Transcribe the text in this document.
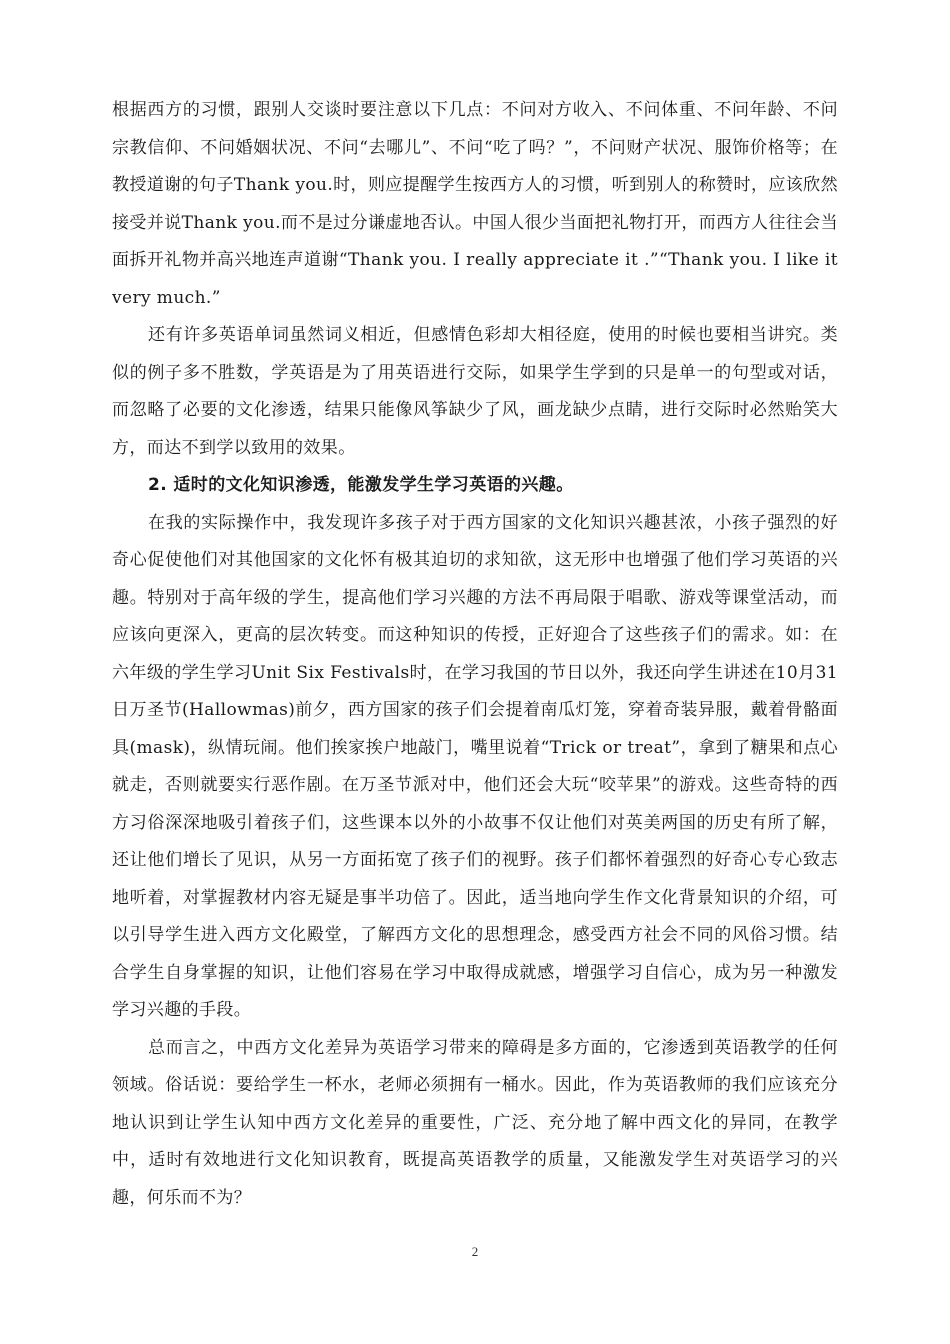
根据西方的习惯，跟别人交谈时要注意以下几点：不问对方收入、不问体重、不问年龄、不问宗教信仰、不问婚姻状况、不问“去哪儿”、不问“吃了吗？”，不问财产状况、服饰价格等；在教授道谢的句子Thank you.时，则应提醒学生按西方人的习惯，听到别人的称赞时，应该欣然接受并说Thank you.而不是过分谦虚地否认。中国人很少当面把礼物打开，而西方人往往会当面拆开礼物并高兴地连声道谢“Thank you. I really appreciate it .”“Thank you. I like it very much.”

还有许多英语单词虽然词义相近，但感情色彩却大相径庭，使用的时候也要相当讲究。类似的例子多不胜数，学英语是为了用英语进行交际，如果学生学到的只是单一的句型或对话，而忽略了必要的文化渗透，结果只能像风筝缺少了风，画龙缺少点睛，进行交际时必然贻笑大方，而达不到学以致用的效果。

2. 适时的文化知识渗透，能激发学生学习英语的兴趣。

在我的实际操作中，我发现许多孩子对于西方国家的文化知识兴趣甚浓，小孩子强烈的好奇心促使他们对其他国家的文化怀有极其迫切的求知欲，这无形中也增强了他们学习英语的兴趣。特别对于高年级的学生，提高他们学习兴趣的方法不再局限于唱歌、游戏等课堂活动，而应该向更深入，更高的层次转变。而这种知识的传授，正好迎合了这些孩子们的需求。如：在六年级的学生学习Unit Six Festivals时，在学习我国的节日以外，我还向学生讲述在10月31日万圣节(Hallowmas)前夕，西方国家的孩子们会提着南瓜灯笼，穿着奇装异服，戴着骨骼面具(mask)，纵情玩闹。他们挨家挨户地敲门，嘴里说着“Trick or treat”，拿到了糖果和点心就走，否则就要实行恶作剧。在万圣节派对中，他们还会大玩“咬苹果”的游戏。这些奇特的西方习俗深深地吸引着孩子们，这些课本以外的小故事不仅让他们对英美两国的历史有所了解，还让他们增长了见识，从另一方面拓宽了孩子们的视野。孩子们都怀着强烈的好奇心专心致志地听着，对掌握教材内容无疑是事半功倍了。因此，适当地向学生作文化背景知识的介绍，可以引导学生进入西方文化殿堂，了解西方文化的思想理念，感受西方社会不同的风俗习惯。结合学生自身掌握的知识，让他们容易在学习中取得成就感，增强学习自信心，成为另一种激发学习兴趣的手段。

总而言之，中西方文化差异为英语学习带来的障碍是多方面的，它渗透到英语教学的任何领域。俗话说：要给学生一杯水，老师必须拥有一桶水。因此，作为英语教师的我们应该充分地认识到让学生认知中西方文化差异的重要性，广泛、充分地了解中西文化的异同，在教学中，适时有效地进行文化知识教育，既提高英语教学的质量，又能激发学生对英语学习的兴趣，何乐而不为？

2
